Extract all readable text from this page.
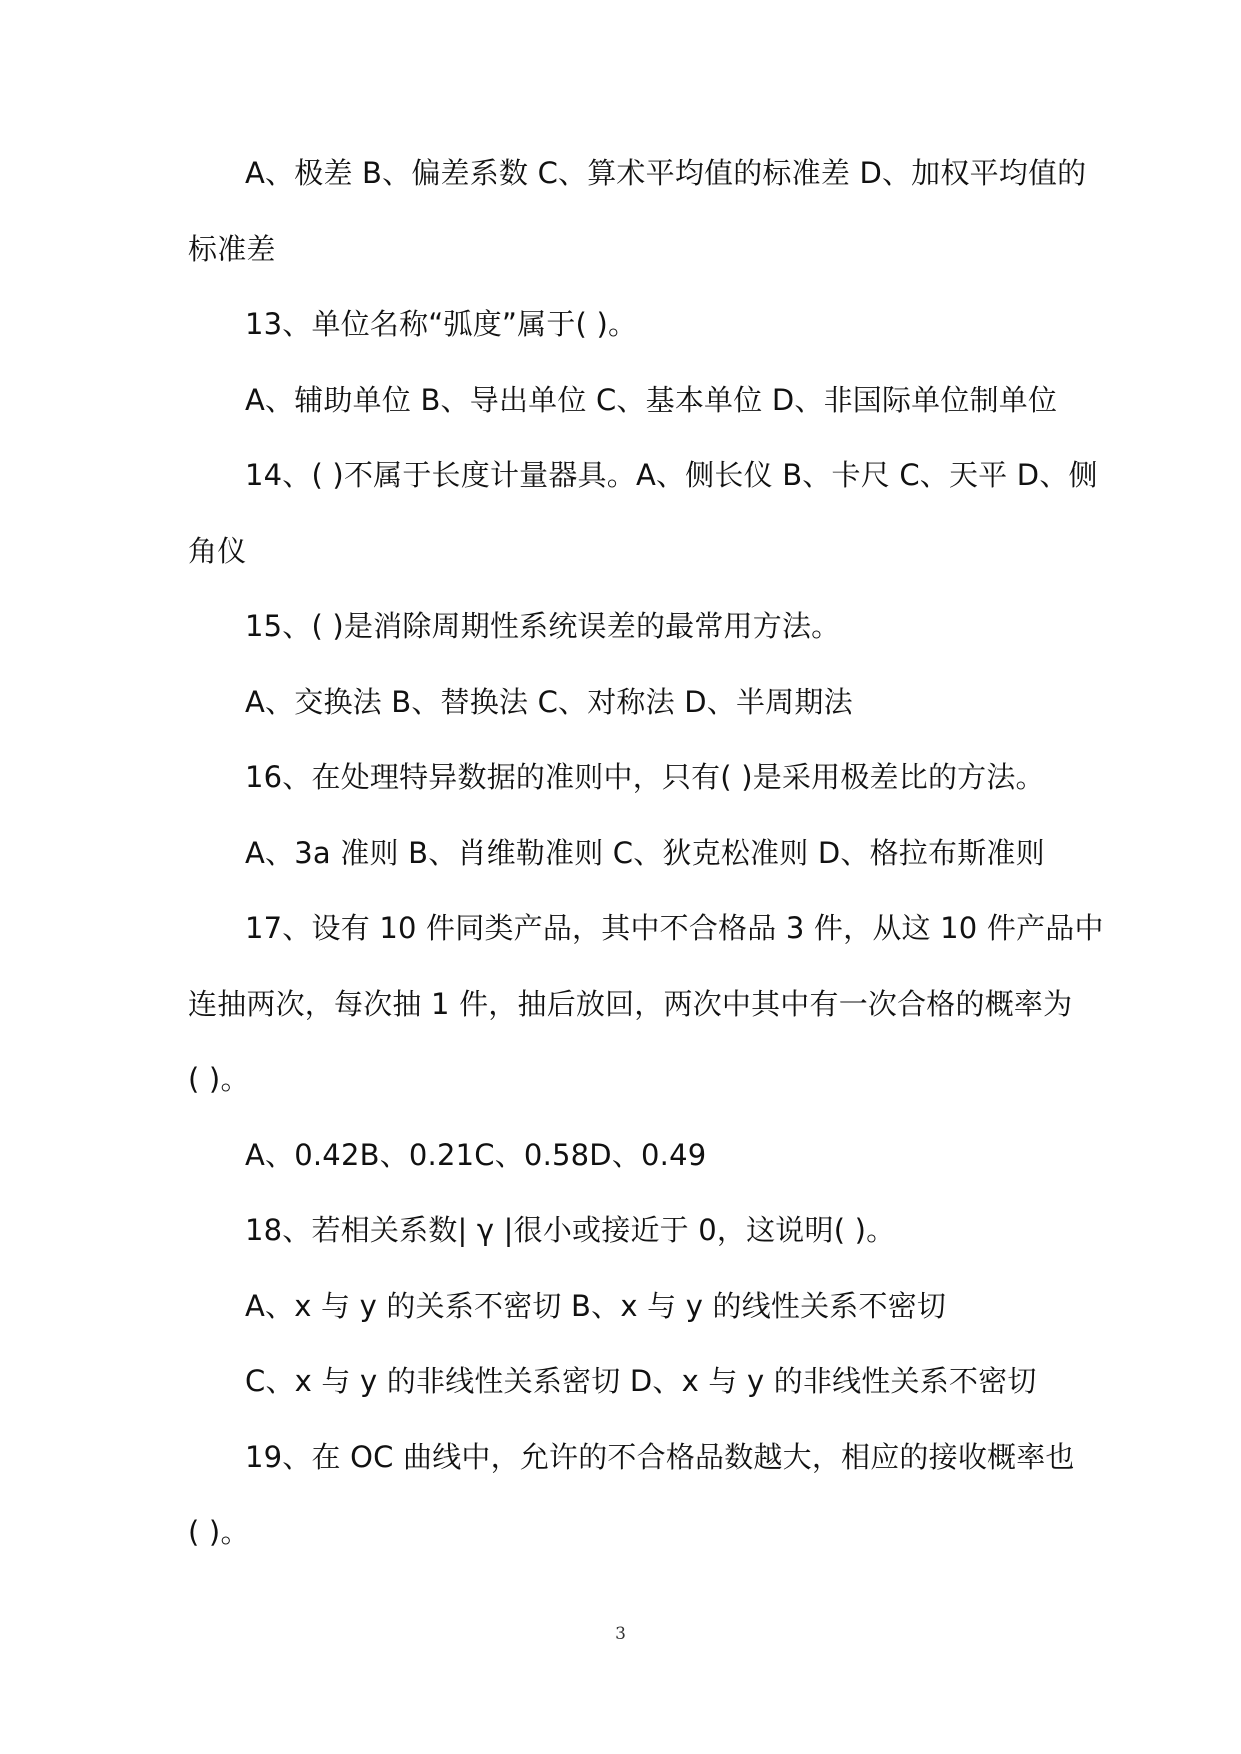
A、极差 B、偏差系数 C、算术平均值的标准差 D、加权平均值的
标准差
13、单位名称“弧度”属于( )。
A、辅助单位 B、导出单位 C、基本单位 D、非国际单位制单位
14、( )不属于长度计量器具。A、侧长仪 B、卡尺 C、天平 D、侧
角仪
15、( )是消除周期性系统误差的最常用方法。
A、交换法 B、替换法 C、对称法 D、半周期法
16、在处理特异数据的准则中，只有( )是采用极差比的方法。
A、3a 准则 B、肖维勒准则 C、狄克松准则 D、格拉布斯准则
17、设有 10 件同类产品，其中不合格品 3 件，从这 10 件产品中
连抽两次，每次抽 1 件，抽后放回，两次中其中有一次合格的概率为
( )。
A、0.42B、0.21C、0.58D、0.49
18、若相关系数| γ |很小或接近于 0，这说明( )。
A、x 与 y 的关系不密切 B、x 与 y 的线性关系不密切
C、x 与 y 的非线性关系密切 D、x 与 y 的非线性关系不密切
19、在 OC 曲线中，允许的不合格品数越大，相应的接收概率也
( )。
3
